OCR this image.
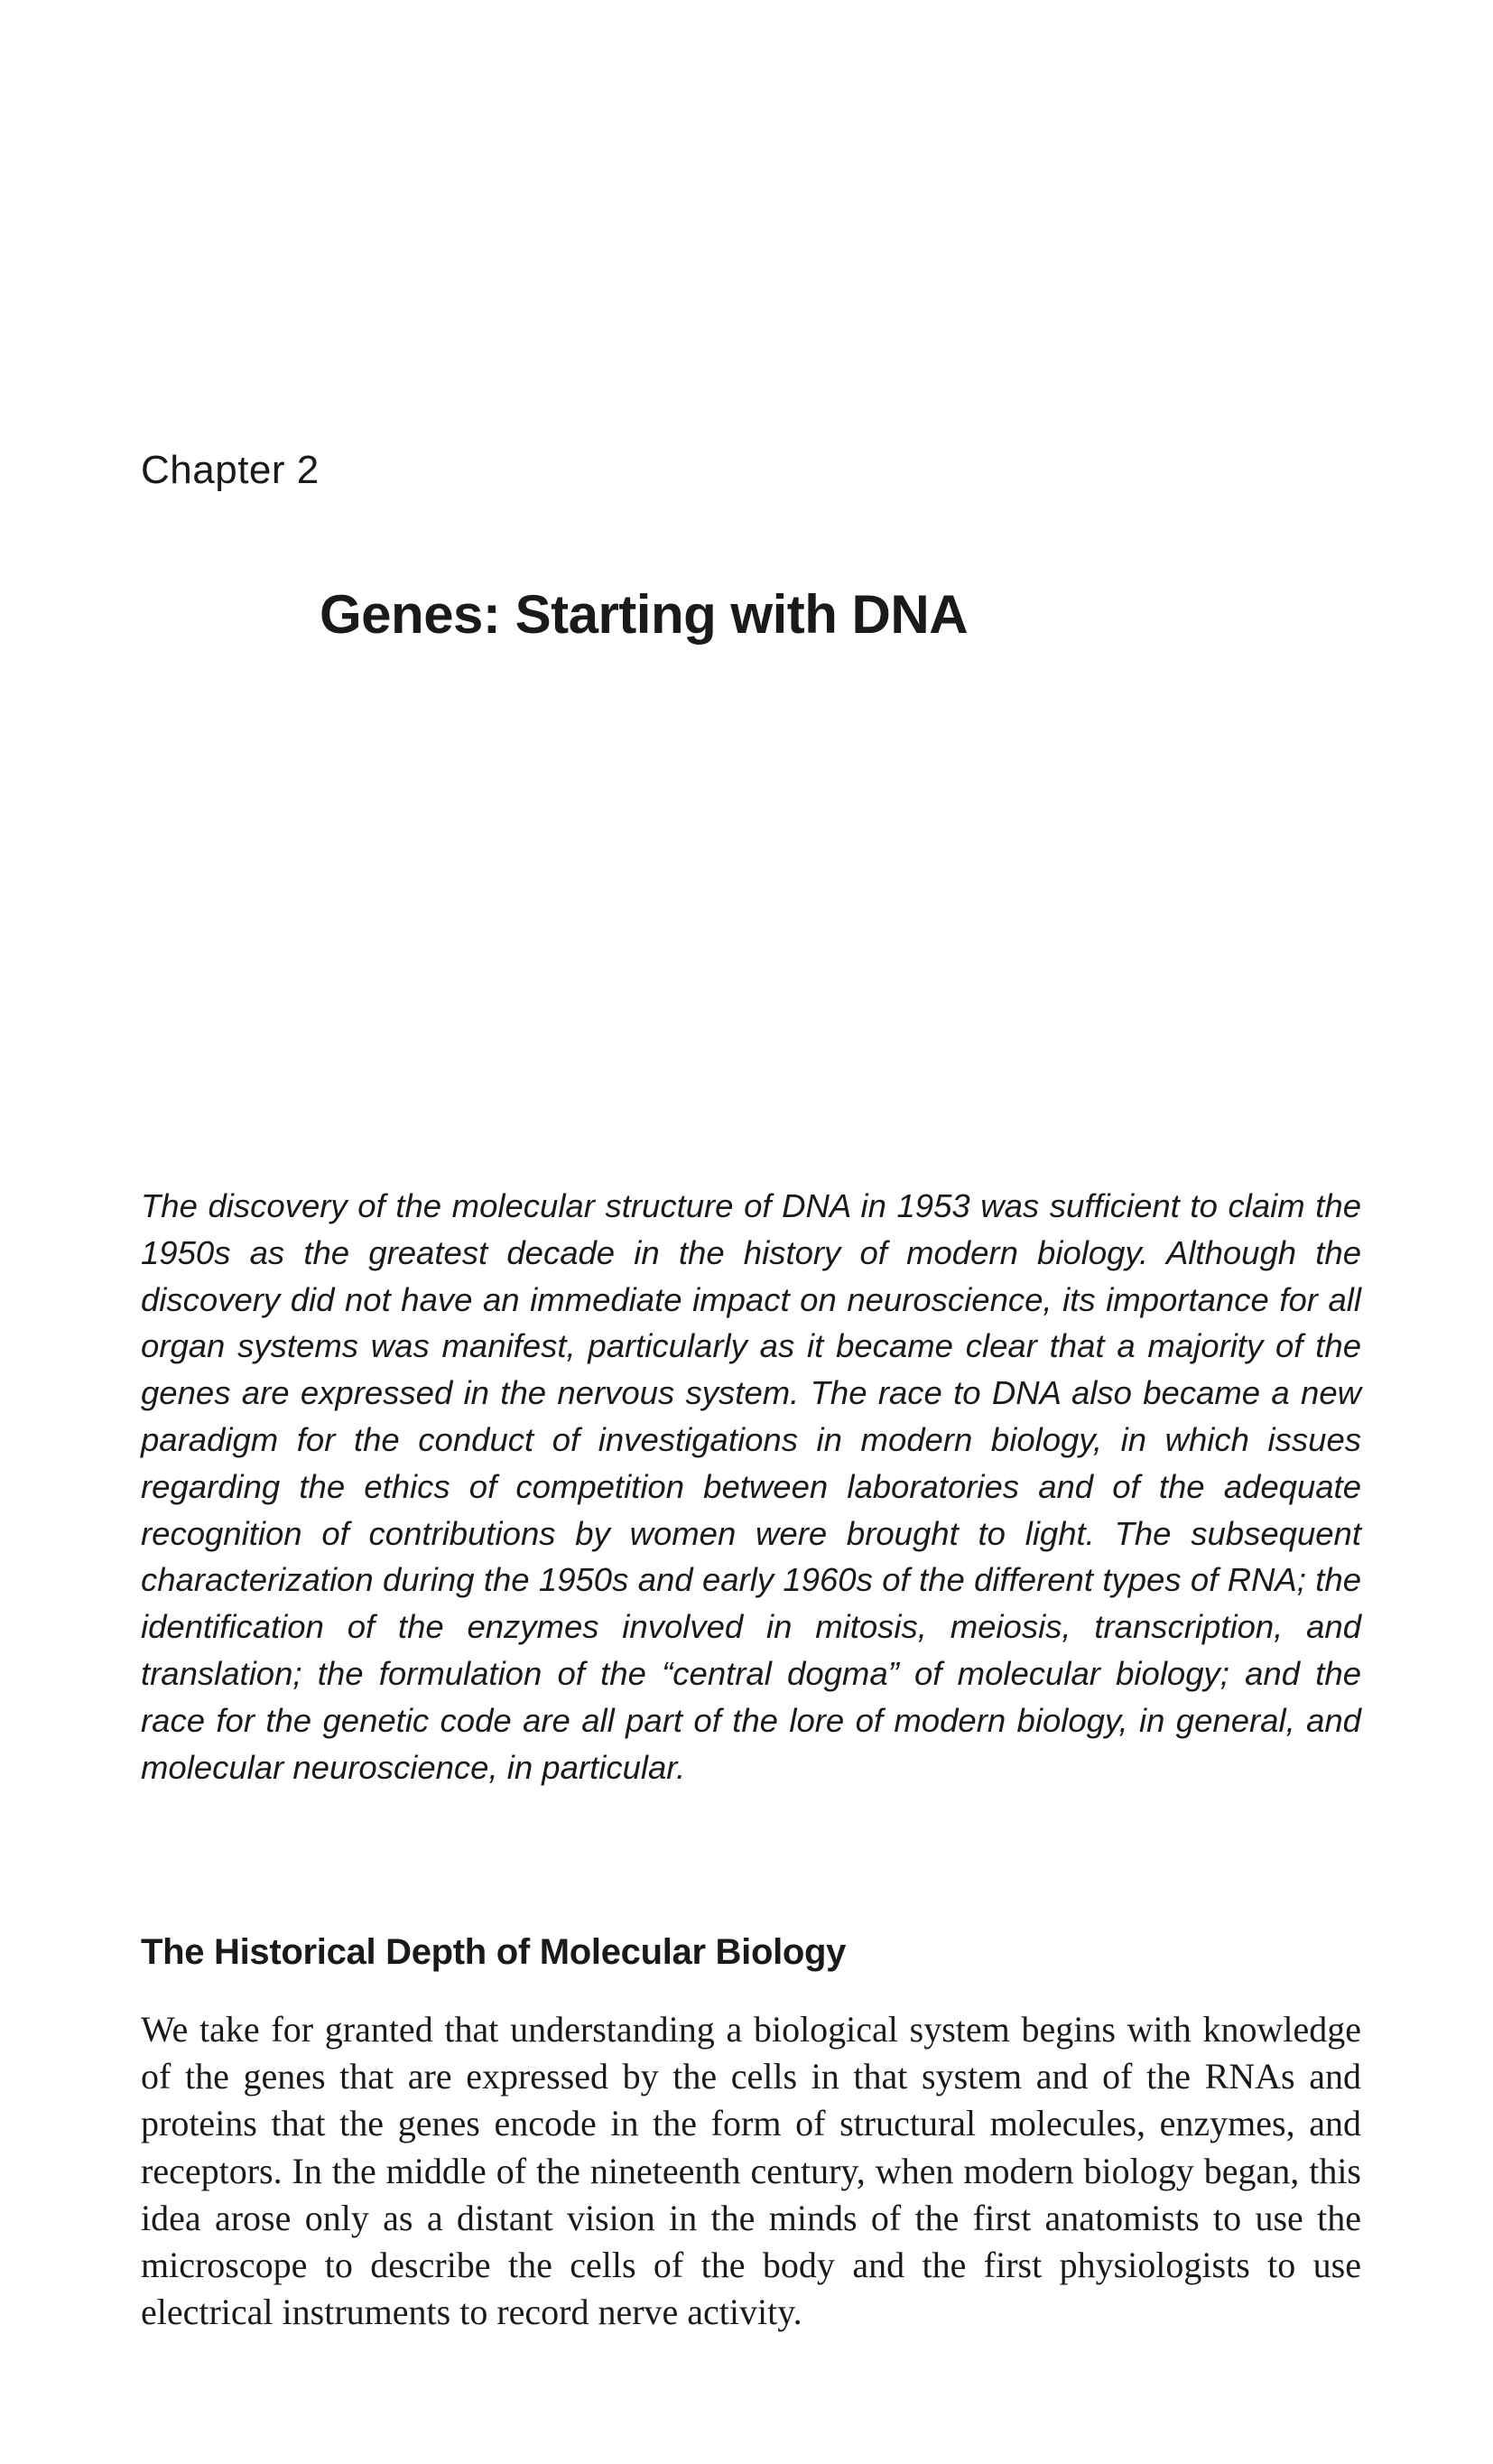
Chapter 2
Genes: Starting with DNA

The discovery of the molecular structure of DNA in 1953 was sufficient to claim the 1950s as the greatest decade in the history of modern biology. Although the discovery did not have an immediate impact on neuroscience, its importance for all organ systems was manifest, particularly as it became clear that a majority of the genes are expressed in the nervous system. The race to DNA also became a new paradigm for the conduct of investigations in modern biology, in which issues regarding the ethics of competition between laboratories and of the adequate recognition of contributions by women were brought to light. The subsequent characterization during the 1950s and early 1960s of the different types of RNA; the identification of the enzymes involved in mitosis, meiosis, transcription, and translation; the formulation of the “central dogma” of molecular biology; and the race for the genetic code are all part of the lore of modern biology, in general, and molecular neuroscience, in particular.

The Historical Depth of Molecular Biology

We take for granted that understanding a biological system begins with knowledge of the genes that are expressed by the cells in that system and of the RNAs and proteins that the genes encode in the form of structural molecules, enzymes, and receptors. In the middle of the nineteenth century, when modern biology began, this idea arose only as a distant vision in the minds of the first anatomists to use the microscope to describe the cells of the body and the first physiologists to use electrical instruments to record nerve activity.
